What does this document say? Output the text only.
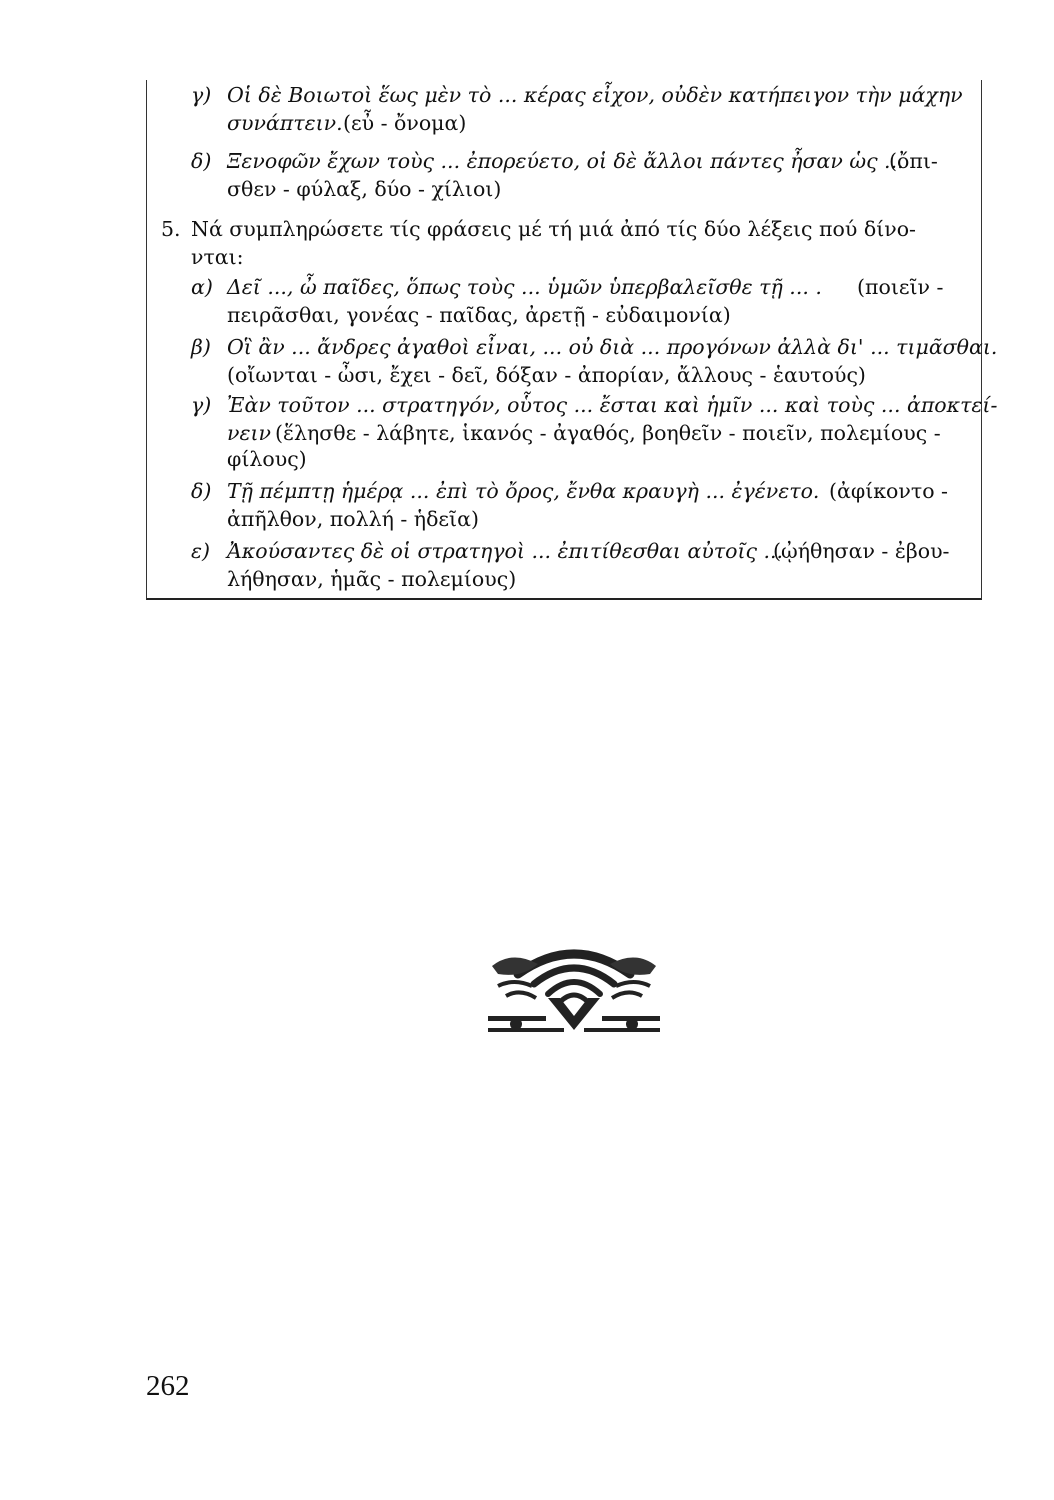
γ) Οἱ δὲ Βοιωτοὶ ἕως μὲν τὸ ... κέρας εἶχον, οὐδὲν κατήπειγον τὴν μάχην
συνάπτειν. (εὖ - ὄνομα)
δ) Ξενοφῶν ἔχων τοὺς ... ἐπορεύετο, οἱ δὲ ἄλλοι πάντες ἦσαν ὡς ...
(ὄπι-
σθεν - φύλαξ, δύο - χίλιοι)
5. Νά συμπληρώσετε τίς φράσεις μέ τή μιά ἀπό τίς δύο λέξεις πού δίνο-
νται:
α) Δεῖ ..., ὦ παῖδες, ὅπως τοὺς ... ὑμῶν ὑπερβαλεῖσθε τῇ ... . (ποιεῖν -
πειρᾶσθαι, γονέας - παῖδας, ἀρετῇ - εὐδαιμονία)
β) Οἳ ἂν ... ἄνδρες ἀγαθοὶ εἶναι, ... οὐ διὰ ... προγόνων ἀλλὰ δι' ... τιμᾶσθαι.
(οἴωνται - ὦσι, ἔχει - δεῖ, δόξαν - ἀπορίαν, ἄλλους - ἑαυτούς)
γ) Ἐὰν τοῦτον ... στρατηγόν, οὗτος ... ἔσται καὶ ἡμῖν ... καὶ τοὺς ... ἀποκτεί-
νειν (ἕλησθε - λάβητε, ἱκανός - ἀγαθός, βοηθεῖν - ποιεῖν, πολεμίους -
φίλους)
δ) Τῇ πέμπτῃ ἡμέρᾳ ... ἐπὶ τὸ ὄρος, ἔνθα κραυγὴ ... ἐγένετο. (ἀφίκοντο -
ἀπῆλθον, πολλή - ἡδεῖα)
ε) Ἀκούσαντες δὲ οἱ στρατηγοὶ ... ἐπιτίθεσθαι αὐτοῖς ...
(ᾠήθησαν - ἐβου-
λήθησαν, ἡμᾶς - πολεμίους)
262
